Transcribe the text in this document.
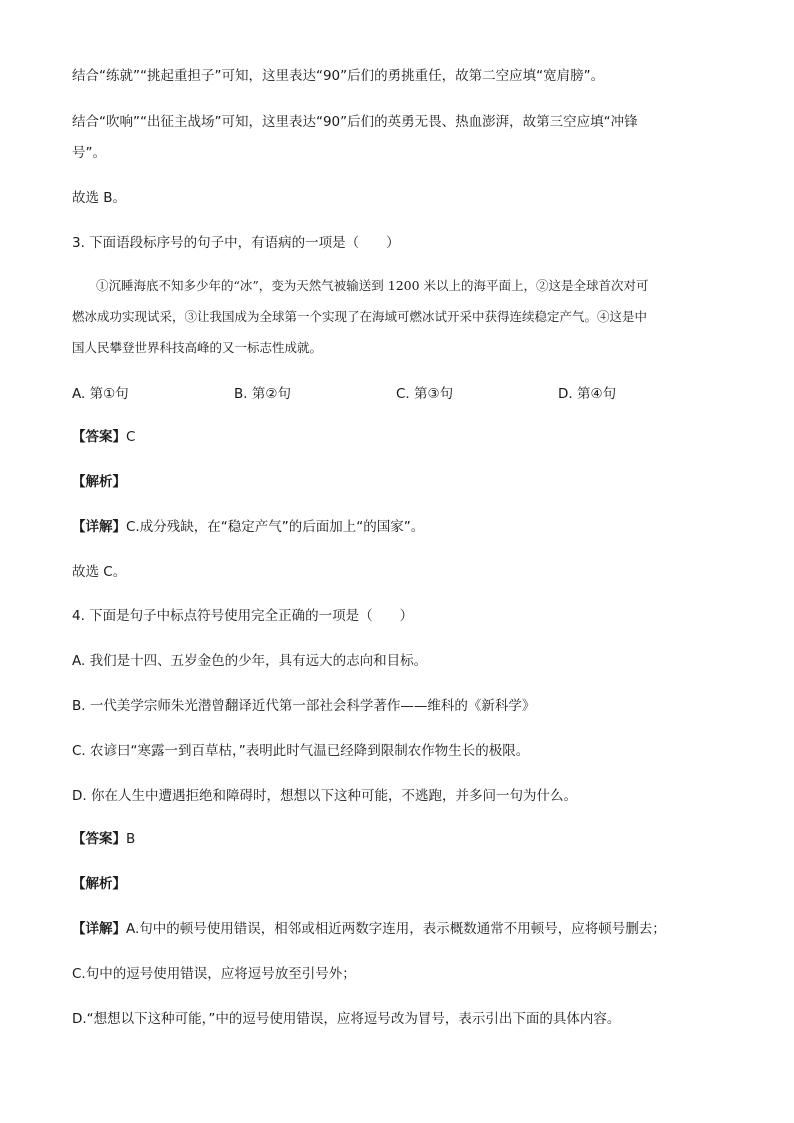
结合“练就”“挑起重担子”可知，这里表达“90”后们的勇挑重任，故第二空应填“宽肩膀”。
结合“吹响”“出征主战场”可知，这里表达“90”后们的英勇无畏、热血澎湃，故第三空应填“冲锋
号”。
故选 B。
3. 下面语段标序号的句子中，有语病的一项是（　　）
①沉睡海底不知多少年的“冰”，变为天然气被输送到 1200 米以上的海平面上，②这是全球首次对可
燃冰成功实现试采，③让我国成为全球第一个实现了在海域可燃冰试开采中获得连续稳定产气。④这是中
国人民攀登世界科技高峰的又一标志性成就。
A. 第①句	B. 第②句	C. 第③句	D. 第④句
【答案】C
【解析】
【详解】C.成分残缺，在“稳定产气”的后面加上“的国家”。
故选 C。
4. 下面是句子中标点符号使用完全正确的一项是（　　）
A. 我们是十四、五岁金色的少年，具有远大的志向和目标。
B. 一代美学宗师朱光潜曾翻译近代第一部社会科学著作——维科的《新科学》
C. 农谚曰“寒露一到百草枯，”表明此时气温已经降到限制农作物生长的极限。
D. 你在人生中遭遇拒绝和障碍时，想想以下这种可能，不逃跑，并多问一句为什么。
【答案】B
【解析】
【详解】A.句中的顿号使用错误，相邻或相近两数字连用，表示概数通常不用顿号，应将顿号删去；
C.句中的逗号使用错误，应将逗号放至引号外；
D.“想想以下这种可能，”中的逗号使用错误，应将逗号改为冒号，表示引出下面的具体内容。
